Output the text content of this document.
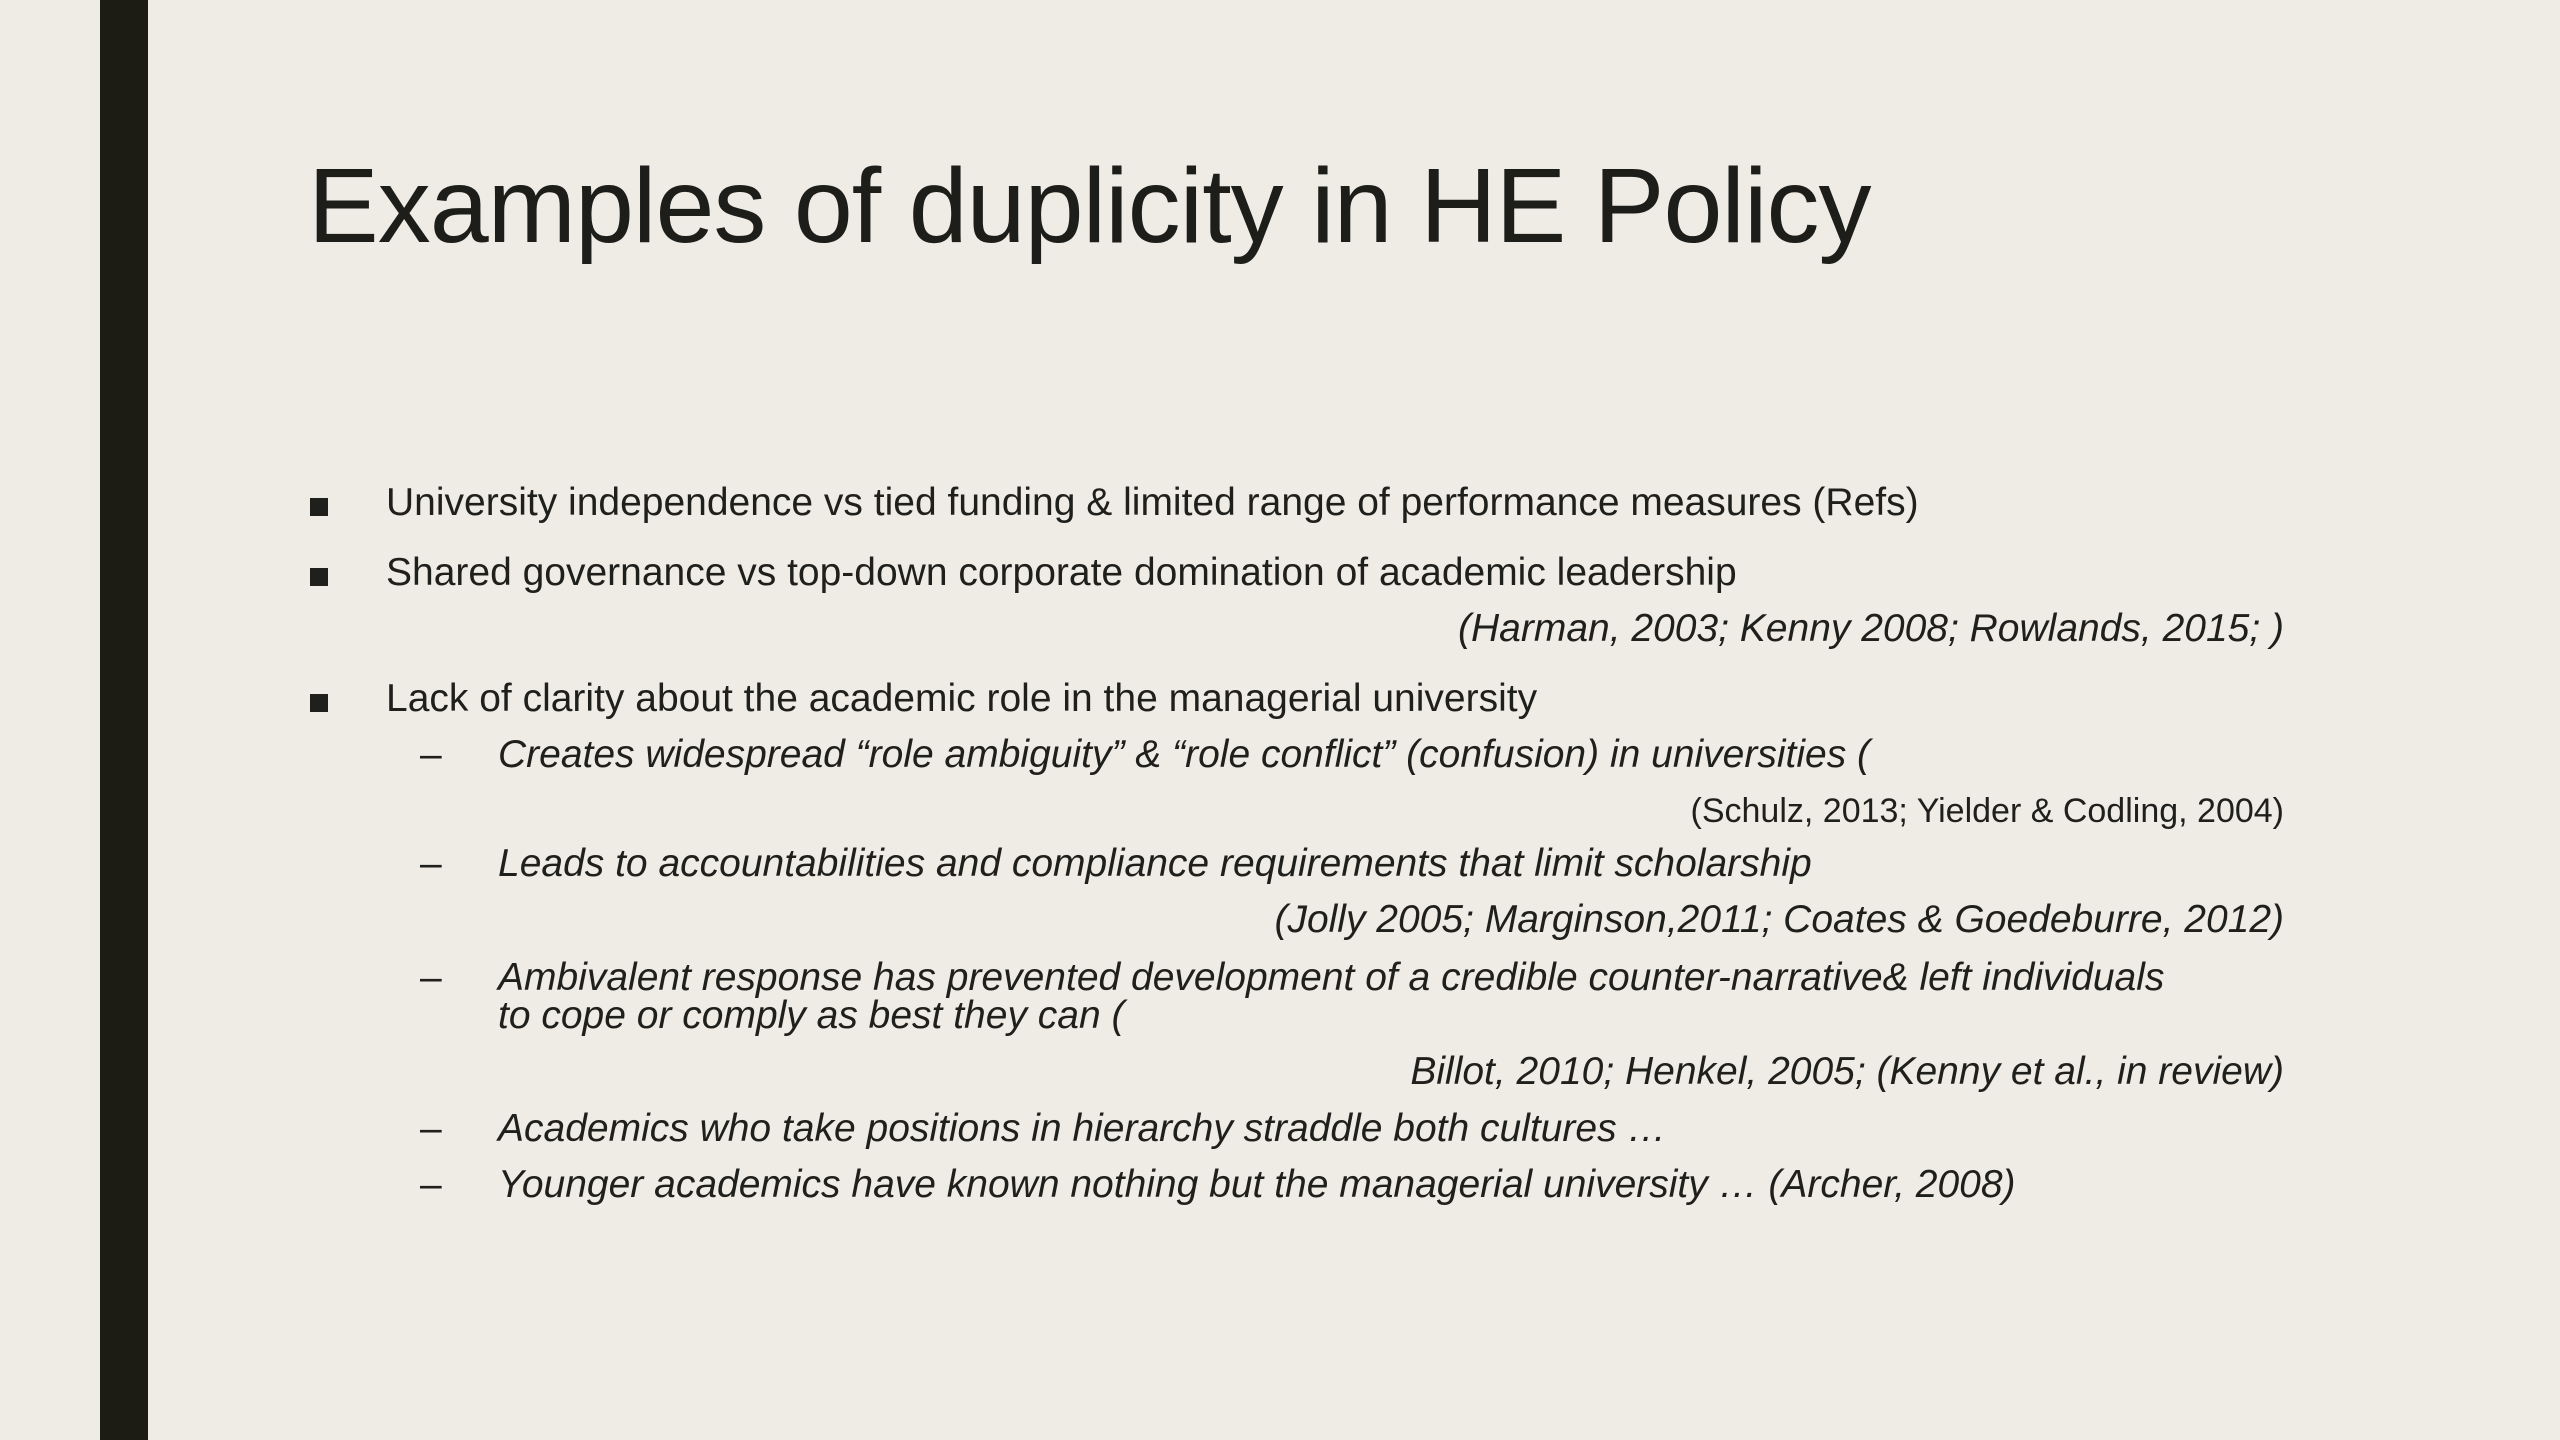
Examples of duplicity in HE Policy
University independence vs tied funding & limited range of performance measures (Refs)
Shared governance vs top-down corporate domination of academic leadership
(Harman, 2003; Kenny 2008; Rowlands, 2015; )
Lack of clarity about the academic role in the managerial university
– Creates widespread “role ambiguity” & “role conflict” (confusion) in universities (
(Schulz, 2013; Yielder & Codling, 2004)
– Leads to accountabilities and compliance requirements that limit scholarship
(Jolly 2005; Marginson,2011; Coates & Goedeburre, 2012)
– Ambivalent response has prevented development of a credible counter-narrative& left individuals
to cope or comply as best they can (
Billot, 2010; Henkel, 2005; (Kenny et al., in review)
– Academics who take positions in hierarchy straddle both cultures …
– Younger academics have known nothing but the managerial university … (Archer, 2008)
